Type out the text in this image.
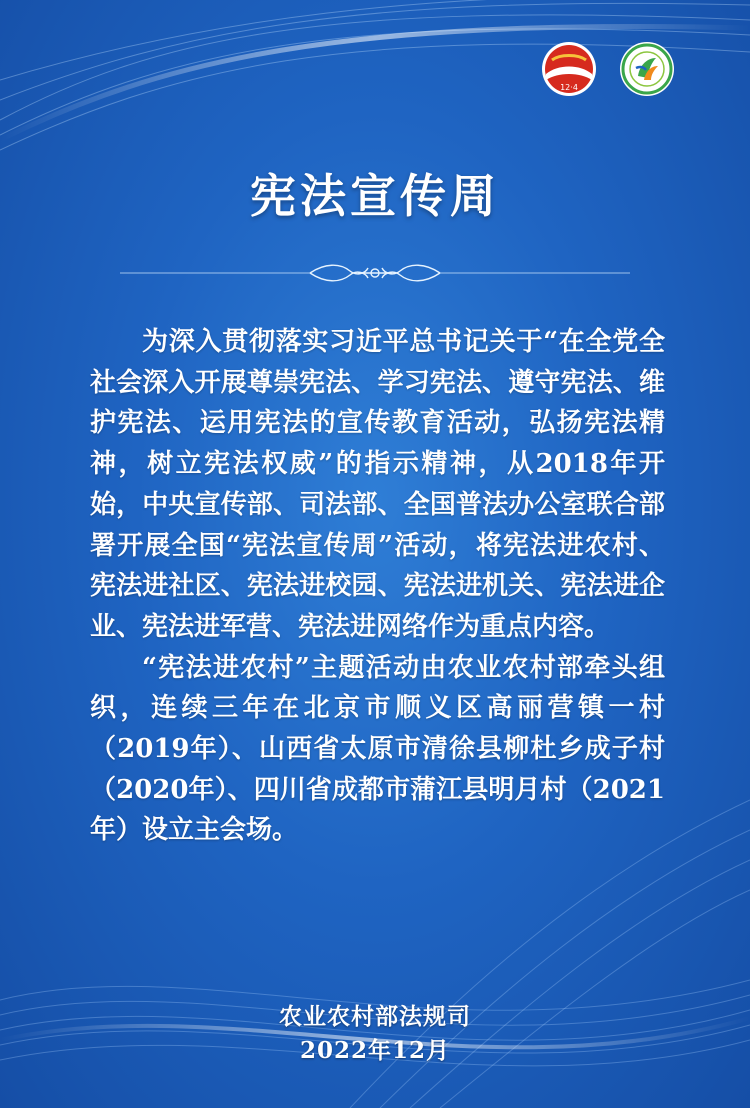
12·4
宪法宣传周

为深入贯彻落实习近平总书记关于“在全党全社会深入开展尊崇宪法、学习宪法、遵守宪法、维护宪法、运用宪法的宣传教育活动，弘扬宪法精神，树立宪法权威”的指示精神，从2018年开始，中央宣传部、司法部、全国普法办公室联合部署开展全国“宪法宣传周”活动，将宪法进农村、宪法进社区、宪法进校园、宪法进机关、宪法进企业、宪法进军营、宪法进网络作为重点内容。

“宪法进农村”主题活动由农业农村部牵头组织，连续三年在北京市顺义区高丽营镇一村（2019年）、山西省太原市清徐县柳杜乡成子村（2020年）、四川省成都市蒲江县明月村（2021年）设立主会场。

农业农村部法规司
2022年12月
